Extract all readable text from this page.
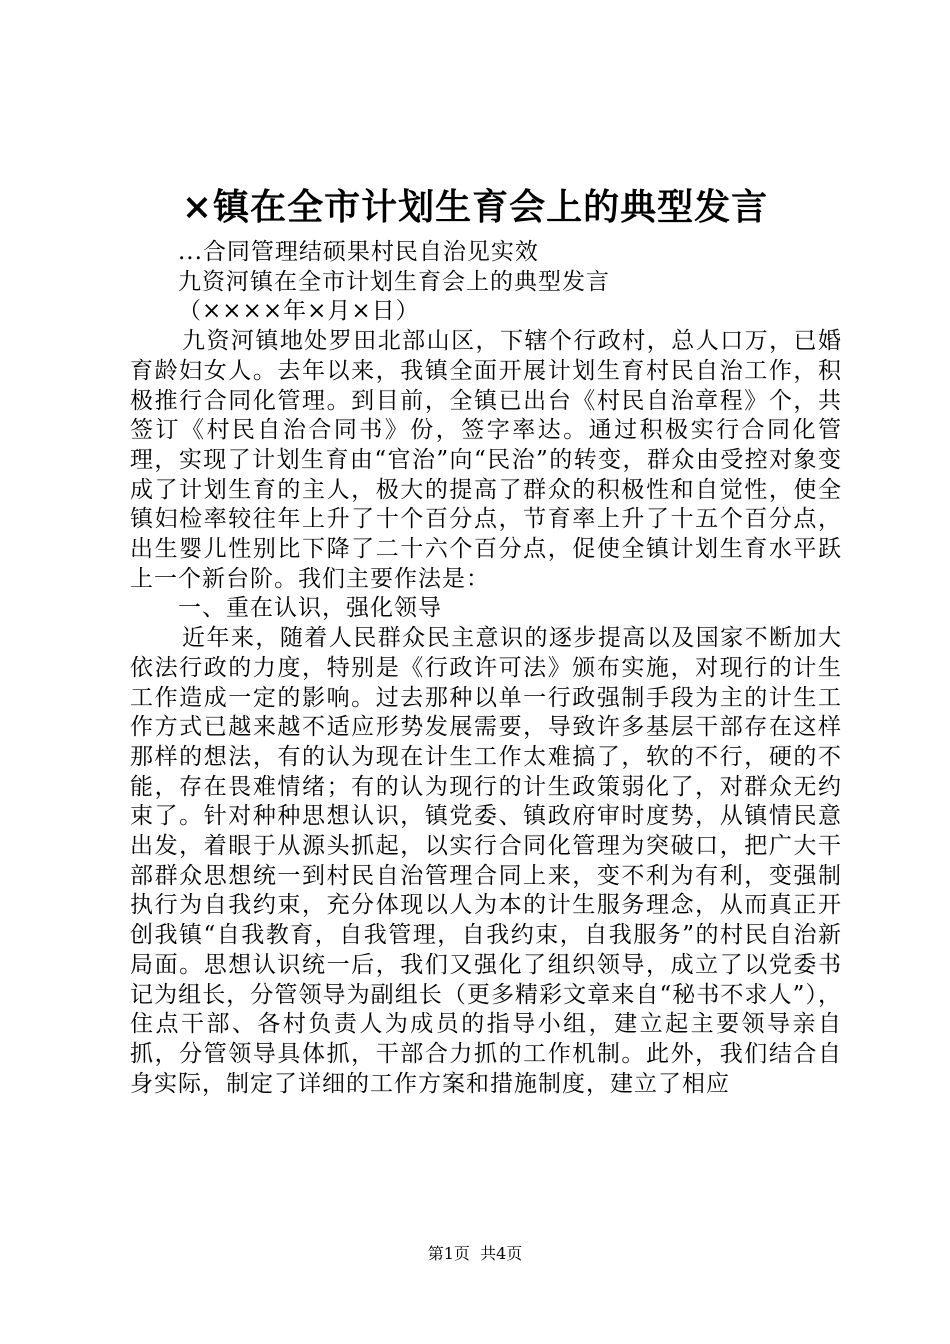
×镇在全市计划生育会上的典型发言

...合同管理结硕果村民自治见实效

九资河镇在全市计划生育会上的典型发言

（××××年×月×日）

九资河镇地处罗田北部山区，下辖个行政村，总人口万，已婚育龄妇女人。去年以来，我镇全面开展计划生育村民自治工作，积极推行合同化管理。到目前，全镇已出台《村民自治章程》个，共签订《村民自治合同书》份，签字率达。通过积极实行合同化管理，实现了计划生育由“官治”向“民治”的转变，群众由受控对象变成了计划生育的主人，极大的提高了群众的积极性和自觉性，使全镇妇检率较往年上升了十个百分点，节育率上升了十五个百分点，出生婴儿性别比下降了二十六个百分点，促使全镇计划生育水平跃上一个新台阶。我们主要作法是：

一、重在认识，强化领导

近年来，随着人民群众民主意识的逐步提高以及国家不断加大依法行政的力度，特别是《行政许可法》颁布实施，对现行的计生工作造成一定的影响。过去那种以单一行政强制手段为主的计生工作方式已越来越不适应形势发展需要，导致许多基层干部存在这样那样的想法，有的认为现在计生工作太难搞了，软的不行，硬的不能，存在畏难情绪；有的认为现行的计生政策弱化了，对群众无约束了。针对种种思想认识，镇党委、镇政府审时度势，从镇情民意出发，着眼于从源头抓起，以实行合同化管理为突破口，把广大干部群众思想统一到村民自治管理合同上来，变不利为有利，变强制执行为自我约束，充分体现以人为本的计生服务理念，从而真正开创我镇“自我教育，自我管理，自我约束，自我服务”的村民自治新局面。思想认识统一后，我们又强化了组织领导，成立了以党委书记为组长，分管领导为副组长（更多精彩文章来自“秘书不求人”），住点干部、各村负责人为成员的指导小组，建立起主要领导亲自抓，分管领导具体抓，干部合力抓的工作机制。此外，我们结合自身实际，制定了详细的工作方案和措施制度，建立了相应

第1页 共4页
